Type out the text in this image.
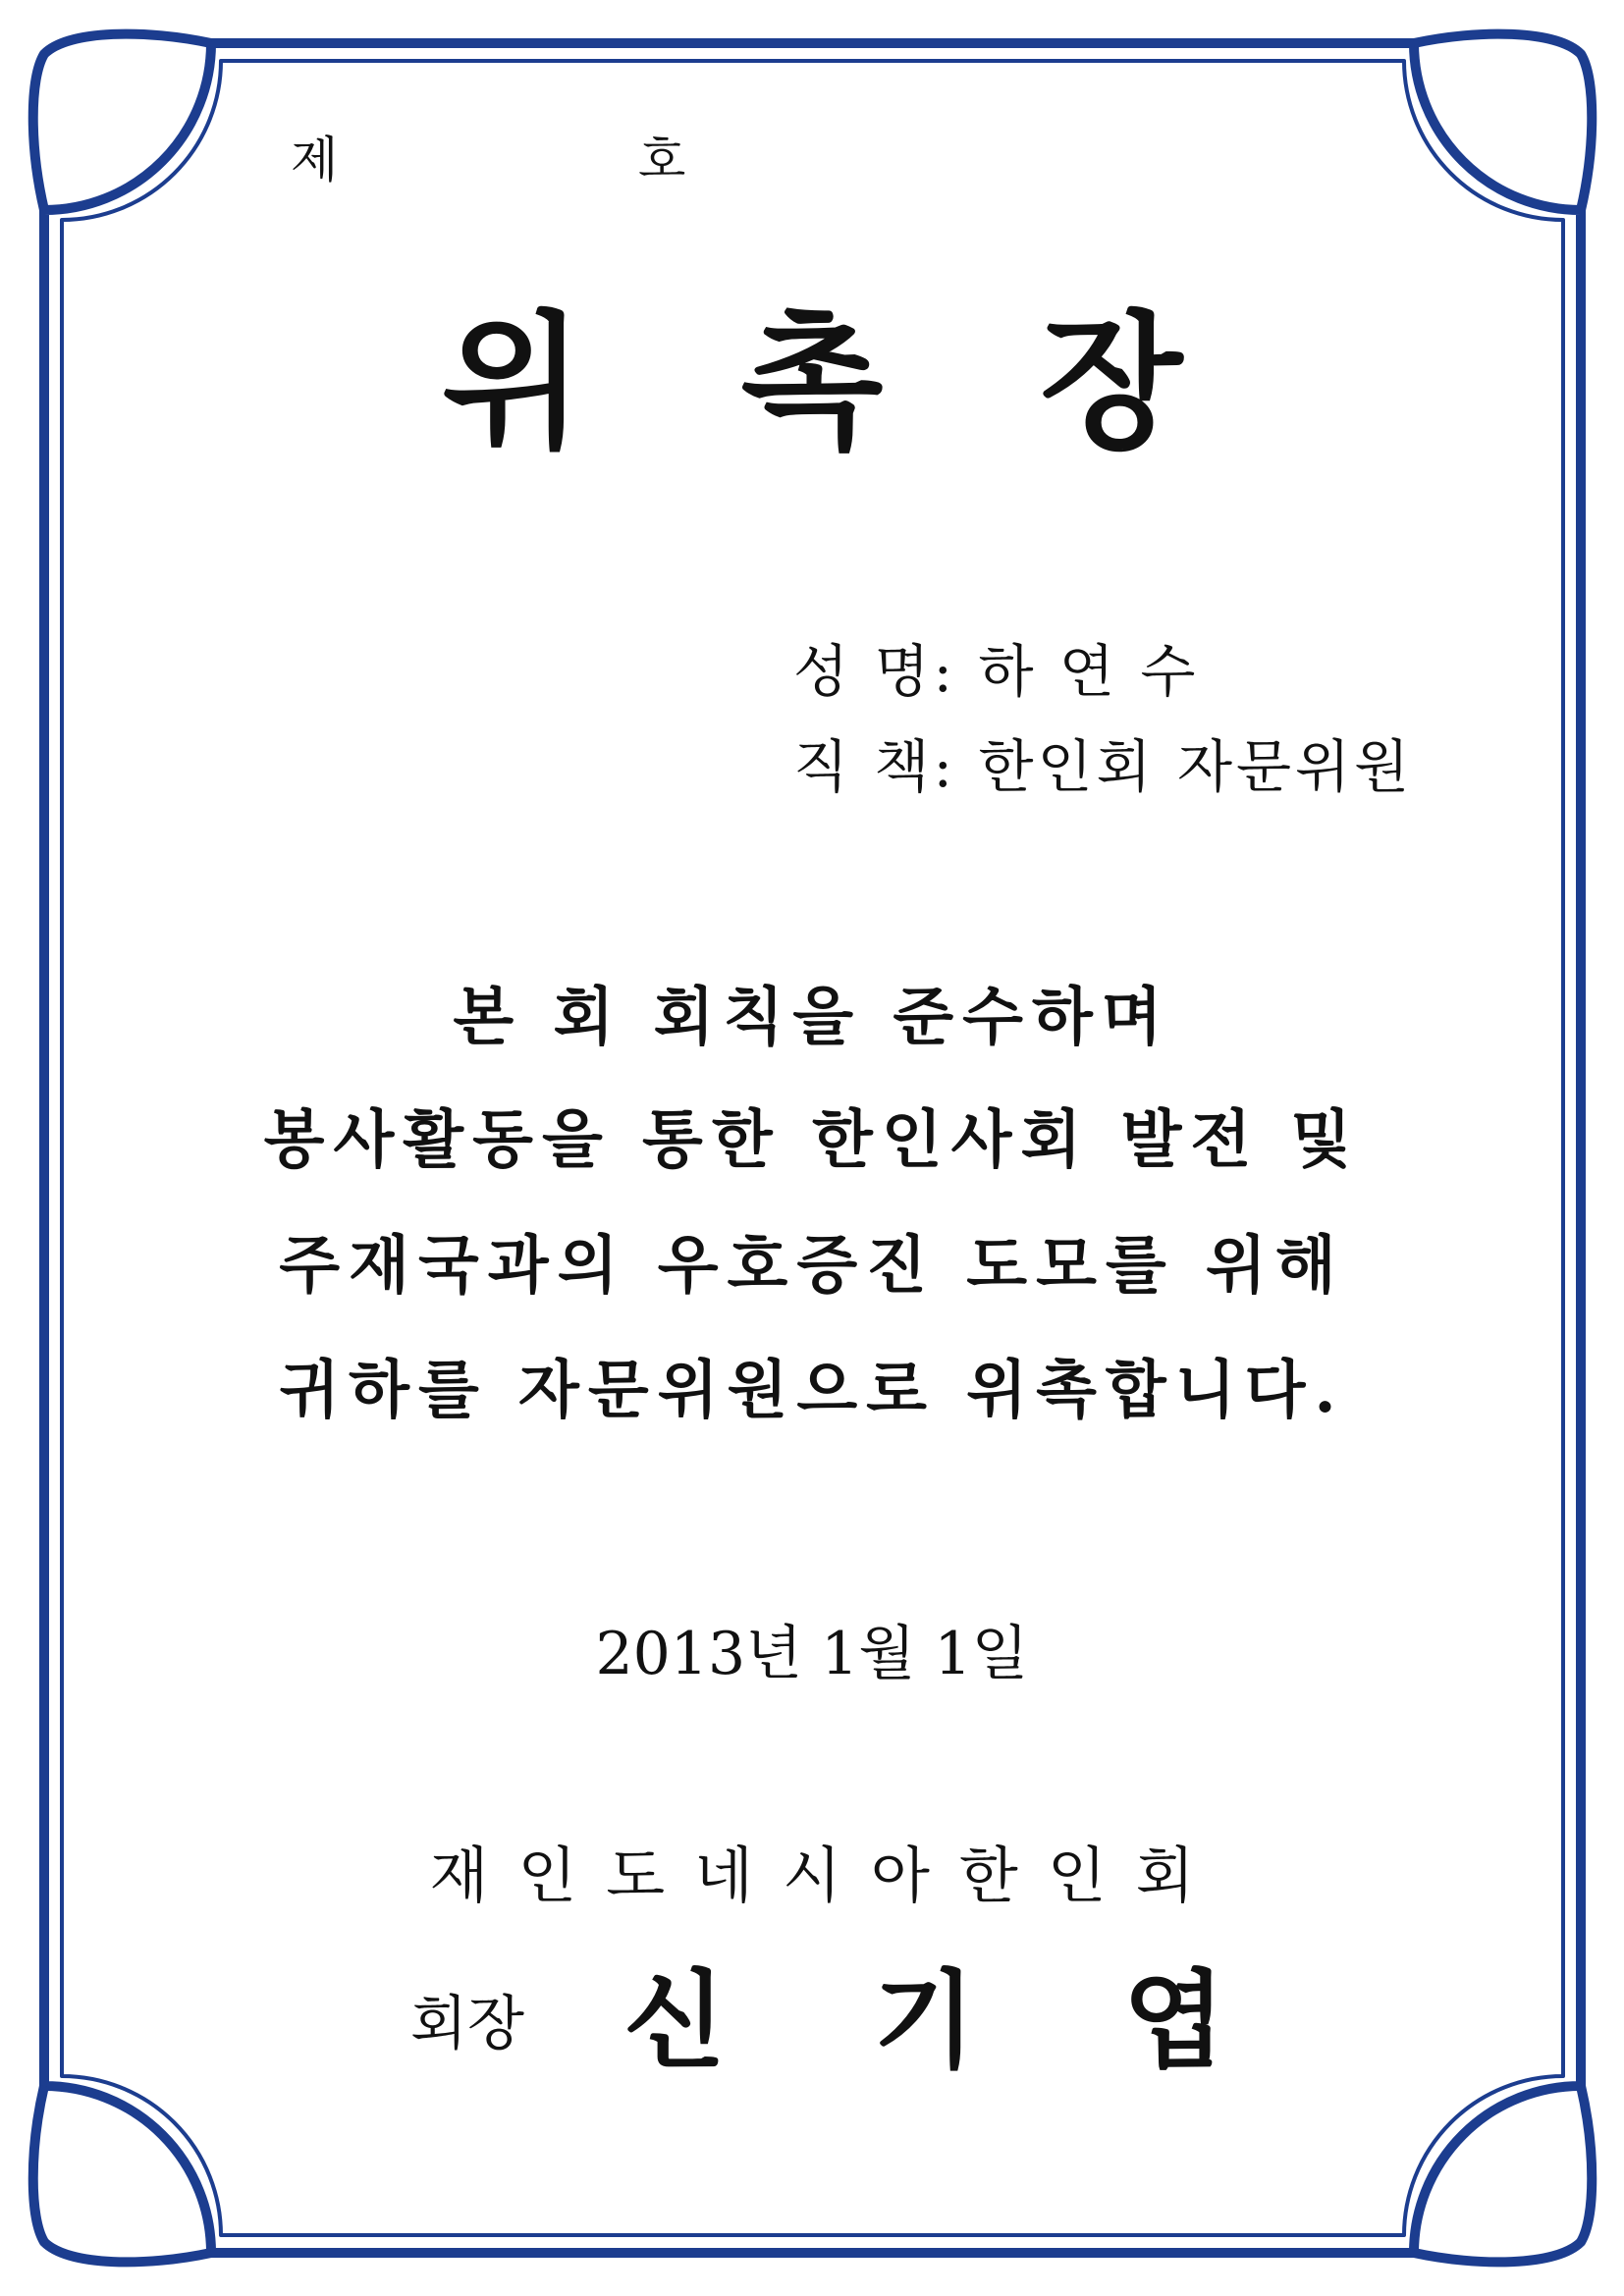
제	호
위촉장
성 명: 하 연 수
직 책: 한인회 자문위원
본 회 회칙을 준수하며
봉사활동을 통한 한인사회 발전 및
주재국과의 우호증진 도모를 위해
귀하를 자문위원으로 위촉합니다.
2013년 1월 1일
재인도네시아한인회
회장 신기엽
